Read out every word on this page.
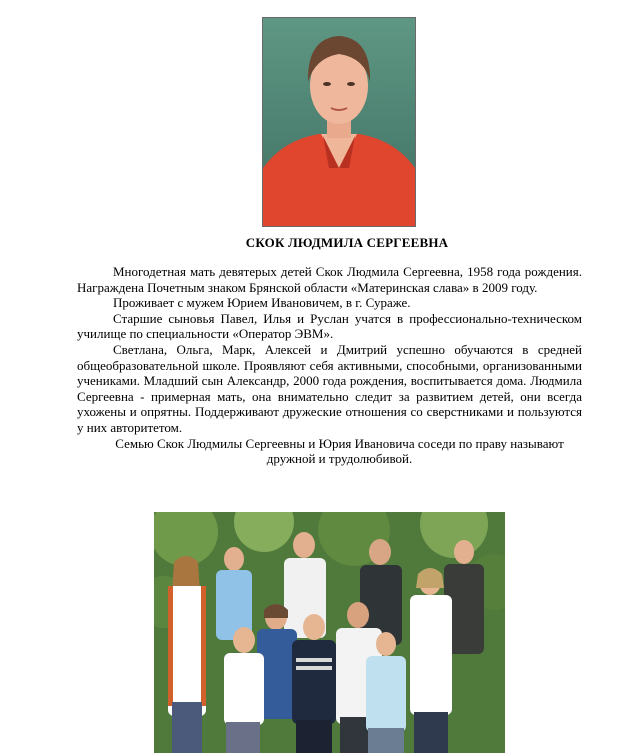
СКОК ЛЮДМИЛА СЕРГЕЕВНА

Многодетная мать девятерых детей Скок Людмила Сергеевна, 1958 года рождения. Награждена Почетным знаком Брянской области «Материнская слава» в 2009 году.

Проживает с мужем Юрием Ивановичем, в г. Сураже.

Старшие сыновья Павел, Илья и Руслан учатся в профессионально-техническом училище по специальности «Оператор ЭВМ».

Светлана, Ольга, Марк, Алексей и Дмитрий успешно обучаются в средней общеобразовательной школе. Проявляют себя активными, способными, организованными учениками. Младший сын Александр, 2000 года рождения, воспитывается дома. Людмила Сергеевна - примерная мать, она внимательно следит за развитием детей, они всегда ухожены и опрятны. Поддерживают дружеские отношения со сверстниками и пользуются у них авторитетом.

Семью Скок Людмилы Сергеевны и Юрия Ивановича соседи по праву называют дружной и трудолюбивой.
